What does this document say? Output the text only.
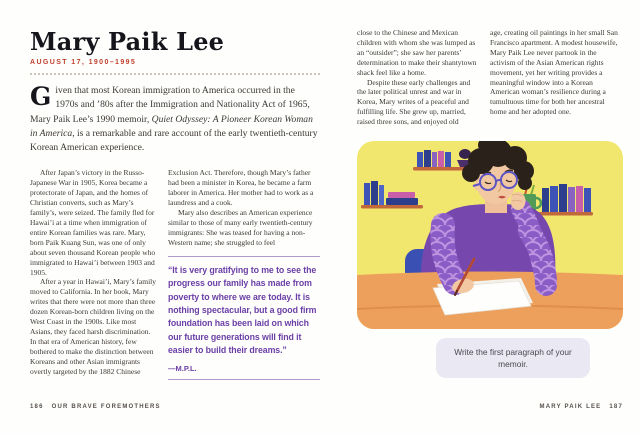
Mary Paik Lee
AUGUST 17, 1900–1995
Given that most Korean immigration to America occurred in the 1970s and ’80s after the Immigration and Nationality Act of 1965, Mary Paik Lee’s 1990 memoir, Quiet Odyssey: A Pioneer Korean Woman in America, is a remarkable and rare account of the early twentieth-century Korean American experience.

After Japan’s victory in the Russo-Japanese War in 1905, Korea became a protectorate of Japan, and the homes of Christian converts, such as Mary’s family’s, were seized. The family fled for Hawai’i at a time when immigration of entire Korean families was rare. Mary, born Paik Kuang Sun, was one of only about seven thousand Korean people who immigrated to Hawai’i between 1903 and 1905.

After a year in Hawai’i, Mary’s family moved to California. In her book, Mary writes that there were not more than three dozen Korean-born children living on the West Coast in the 1900s. Like most Asians, they faced harsh discrimination. In that era of American history, few bothered to make the distinction between Koreans and other Asian immigrants overtly targeted by the 1882 Chinese

Exclusion Act. Therefore, though Mary’s father had been a minister in Korea, he became a farm laborer in America. Her mother had to work as a laundress and a cook.

Mary also describes an American experience similar to those of many early twentieth-century immigrants: She was teased for having a non-Western name; she struggled to feel

“It is very gratifying to me to see the progress our family has made from poverty to where we are today. It is nothing spectacular, but a good firm foundation has been laid on which our future generations will find it easier to build their dreams.”
—M.P.L.

close to the Chinese and Mexican children with whom she was lumped as an “outsider”; she saw her parents’ determination to make their shantytown shack feel like a home.

Despite these early challenges and the later political unrest and war in Korea, Mary writes of a peaceful and fulfilling life. She grew up, married, raised three sons, and enjoyed old

age, creating oil paintings in her small San Francisco apartment. A modest housewife, Mary Paik Lee never partook in the activism of the Asian American rights movement, yet her writing provides a meaningful window into a Korean American woman’s resilience during a tumultuous time for both her ancestral home and her adopted one.

Write the first paragraph of your memoir.
186 OUR BRAVE FOREMOTHERS	MARY PAIK LEE 187
